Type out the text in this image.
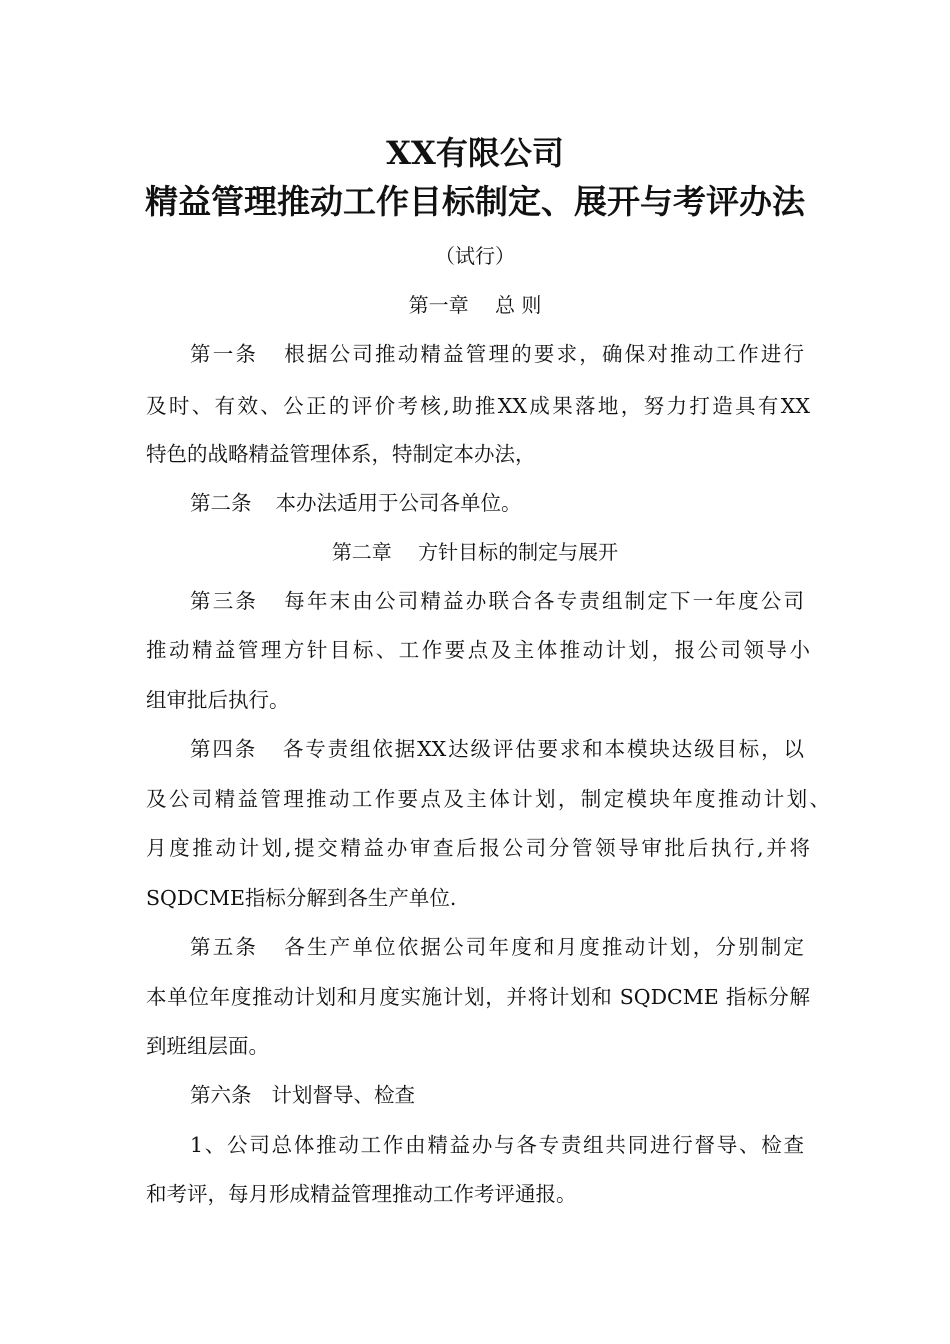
XX有限公司
精益管理推动工作目标制定、展开与考评办法
（试行）
第一章　 总 则
第一条 根据公司推动精益管理的要求，确保对推动工作进行
及时、有效、公正的评价考核,助推XX成果落地，努力打造具有XX
特色的战略精益管理体系，特制定本办法，
第二条 本办法适用于公司各单位。
第二章　 方针目标的制定与展开
第三条 每年末由公司精益办联合各专责组制定下一年度公司
推动精益管理方针目标、工作要点及主体推动计划，报公司领导小
组审批后执行。
第四条 各专责组依据XX达级评估要求和本模块达级目标，以
及公司精益管理推动工作要点及主体计划，制定模块年度推动计划、
月度推动计划,提交精益办审查后报公司分管领导审批后执行,并将
SQDCME指标分解到各生产单位.
第五条 各生产单位依据公司年度和月度推动计划，分别制定
本单位年度推动计划和月度实施计划，并将计划和 SQDCME 指标分解
到班组层面。
第六条 计划督导、检查
1、公司总体推动工作由精益办与各专责组共同进行督导、检查
和考评，每月形成精益管理推动工作考评通报。
